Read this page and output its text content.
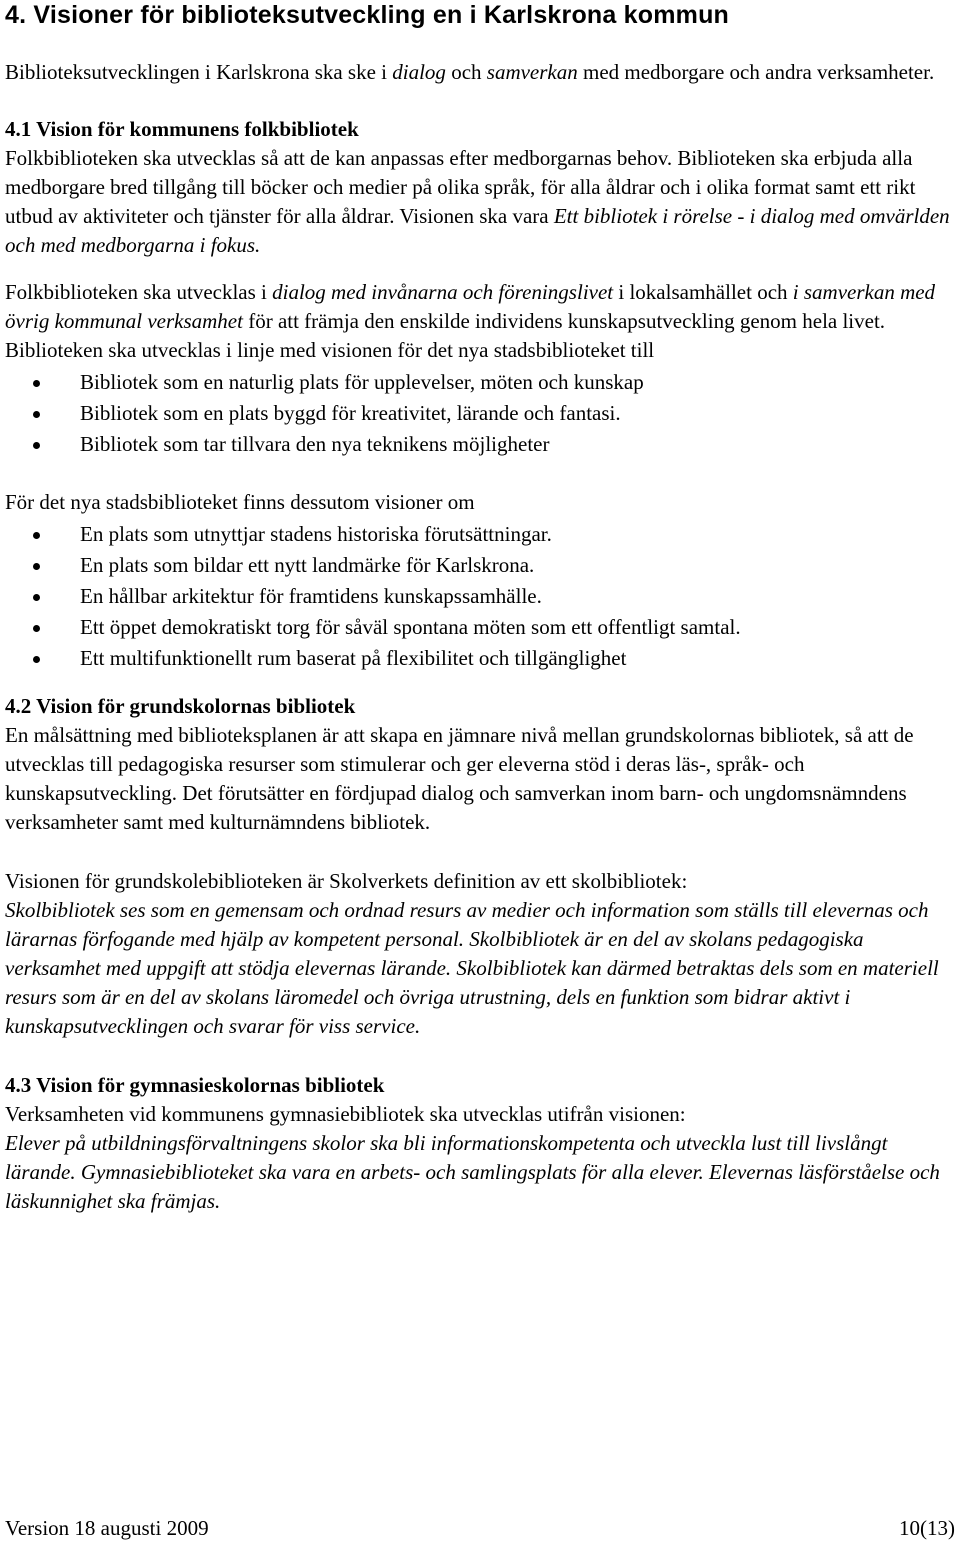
4. Visioner för biblioteksutveckling en i Karlskrona kommun

Biblioteksutvecklingen i Karlskrona ska ske i dialog och samverkan med medborgare och andra verksamheter.

4.1 Vision för kommunens folkbibliotek

Folkbiblioteken ska utvecklas så att de kan anpassas efter medborgarnas behov. Biblioteken ska erbjuda alla medborgare bred tillgång till böcker och medier på olika språk, för alla åldrar och i olika format samt ett rikt utbud av aktiviteter och tjänster för alla åldrar. Visionen ska vara Ett bibliotek i rörelse - i dialog med omvärlden och med medborgarna i fokus.

Folkbiblioteken ska utvecklas i dialog med invånarna och föreningslivet i lokalsamhället och i samverkan med övrig kommunal verksamhet för att främja den enskilde individens kunskapsutveckling genom hela livet. Biblioteken ska utvecklas i linje med visionen för det nya stadsbiblioteket till

Bibliotek som en naturlig plats för upplevelser, möten och kunskap
Bibliotek som en plats byggd för kreativitet, lärande och fantasi.
Bibliotek som tar tillvara den nya teknikens möjligheter

För det nya stadsbiblioteket finns dessutom visioner om

En plats som utnyttjar stadens historiska förutsättningar.
En plats som bildar ett nytt landmärke för Karlskrona.
En hållbar arkitektur för framtidens kunskapssamhälle.
Ett öppet demokratiskt torg för såväl spontana möten som ett offentligt samtal.
Ett multifunktionellt rum baserat på flexibilitet och tillgänglighet

4.2 Vision för grundskolornas bibliotek

En målsättning med biblioteksplanen är att skapa en jämnare nivå mellan grundskolornas bibliotek, så att de utvecklas till pedagogiska resurser som stimulerar och ger eleverna stöd i deras läs-, språk- och kunskapsutveckling. Det förutsätter en fördjupad dialog och samverkan inom barn- och ungdomsnämndens verksamheter samt med kulturnämndens bibliotek.

Visionen för grundskolebiblioteken är Skolverkets definition av ett skolbibliotek:

Skolbibliotek ses som en gemensam och ordnad resurs av medier och information som ställs till elevernas och lärarnas förfogande med hjälp av kompetent personal. Skolbibliotek är en del av skolans pedagogiska verksamhet med uppgift att stödja elevernas lärande. Skolbibliotek kan därmed betraktas dels som en materiell resurs som är en del av skolans läromedel och övriga utrustning, dels en funktion som bidrar aktivt i kunskapsutvecklingen och svarar för viss service.

4.3 Vision för gymnasieskolornas bibliotek

Verksamheten vid kommunens gymnasiebibliotek ska utvecklas utifrån visionen:

Elever på utbildningsförvaltningens skolor ska bli informationskompetenta och utveckla lust till livslångt lärande. Gymnasiebiblioteket ska vara en arbets- och samlingsplats för alla elever. Elevernas läsförståelse och läskunnighet ska främjas.

Version 18 augusti 2009	10(13)
